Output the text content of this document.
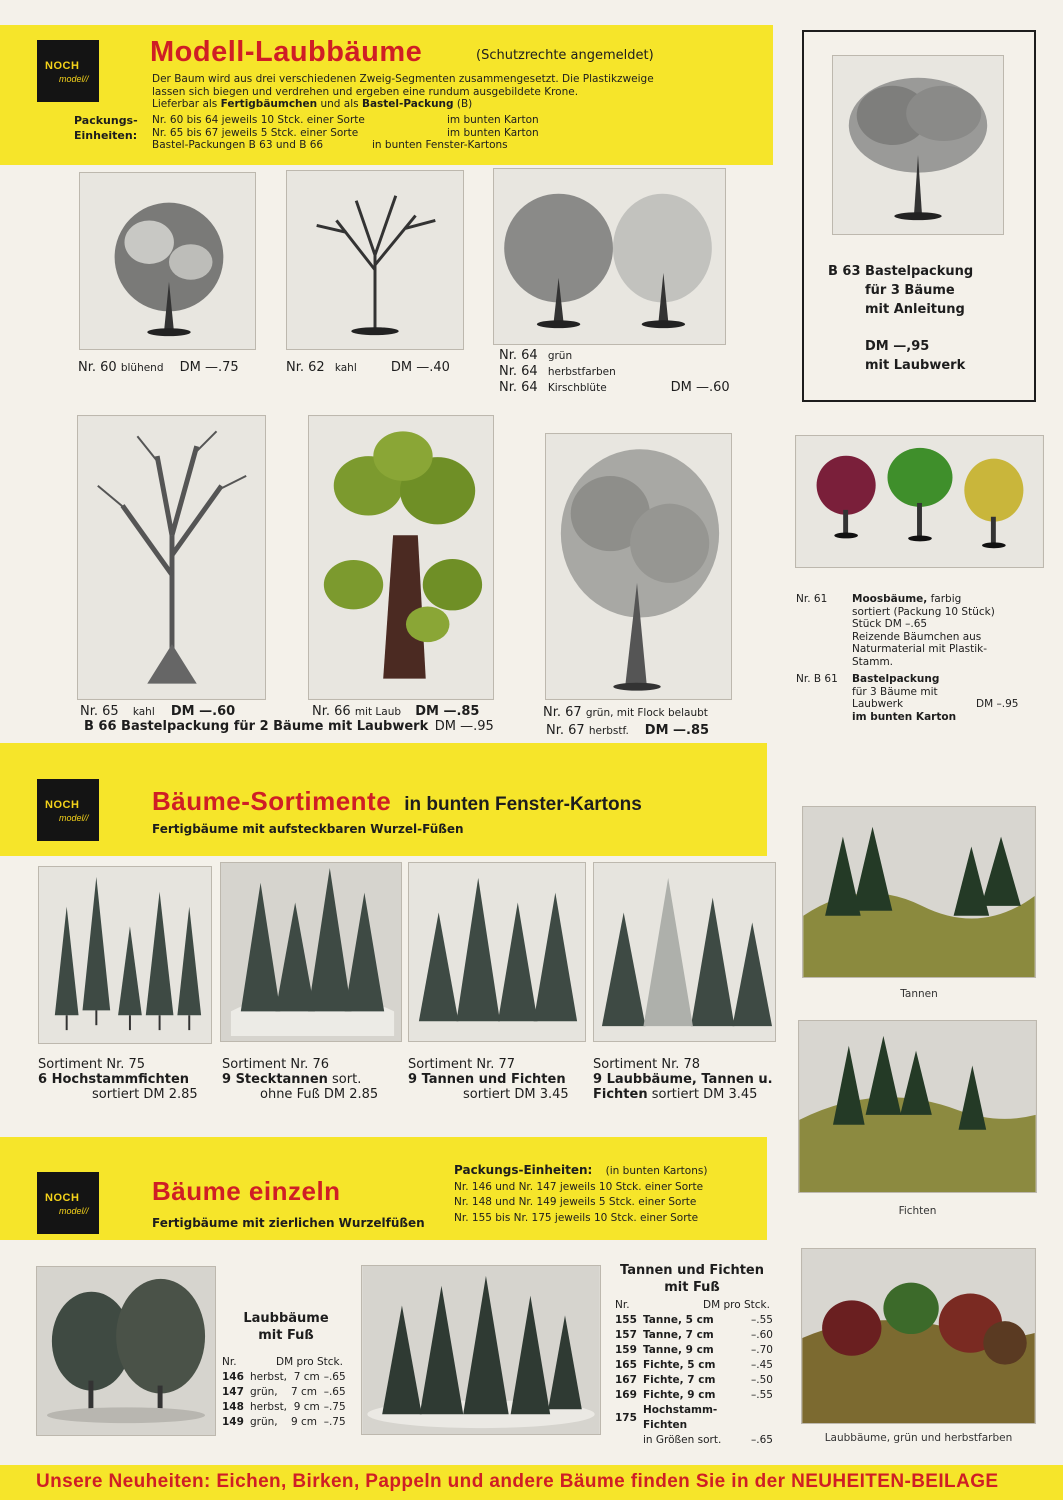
NOCH
model//
Modell-Laubbäume	(Schutzrechte angemeldet)
Der Baum wird aus drei verschiedenen Zweig-Segmenten zusammengesetzt. Die Plastikzweige
lassen sich biegen und verdrehen und ergeben eine rundum ausgebildete Krone.
Lieferbar als Fertigbäumchen und als Bastel-Packung (B)
Packungs-
Einheiten:
Nr. 60 bis 64 jeweils 10 Stck. einer Sorte	im bunten Karton
Nr. 65 bis 67 jeweils 5 Stck. einer Sorte	im bunten Karton
Bastel-Packungen B 63 und B 66	in bunten Fenster-Kartons
B 63 Bastelpackung
für 3 Bäume
mit Anleitung
DM —,95
mit Laubwerk
Nr. 60 blühend DM —.75	Nr. 62 kahl	DM —.40
Nr. 64 grün
Nr. 64 herbstfarben
Nr. 64 Kirschblüte	DM —.60
Nr. 65 kahl DM —.60	Nr. 66 mit Laub DM —.85
B 66 Bastelpackung für 2 Bäume mit Laubwerk DM —.95
Nr. 67 grün, mit Flock belaubt
Nr. 67 herbstf. DM —.85
Nr. 61 Moosbäume, farbig
sortiert (Packung 10 Stück)
Stück DM –.65
Reizende Bäumchen aus
Naturmaterial mit Plastik-
Stamm.
Nr. B 61 Bastelpackung
für 3 Bäume mit
Laubwerk	DM –.95
im bunten Karton
NOCH
model//
Bäume-Sortimente in bunten Fenster-Kartons
Fertigbäume mit aufsteckbaren Wurzel-Füßen
Sortiment Nr. 75
6 Hochstammfichten
sortiert DM 2.85
Sortiment Nr. 76
9 Stecktannen sort.
ohne Fuß DM 2.85
Sortiment Nr. 77
9 Tannen und Fichten
sortiert DM 3.45
Sortiment Nr. 78
9 Laubbäume, Tannen u.
Fichten sortiert DM 3.45
Tannen
Fichten
Laubbäume, grün und herbstfarben
NOCH
model//
Bäume einzeln
Fertigbäume mit zierlichen Wurzelfüßen
Packungs-Einheiten: (in bunten Kartons)
Nr. 146 und Nr. 147 jeweils 10 Stck. einer Sorte
Nr. 148 und Nr. 149 jeweils 5 Stck. einer Sorte
Nr. 155 bis Nr. 175 jeweils 10 Stck. einer Sorte
Laubbäume
mit Fuß
Nr.	DM pro Stck.	
146	herbst,  7 cm	–.65
147	grün,    7 cm	–.65
148	herbst,  9 cm	–.75
149	grün,    9 cm	–.75
Tannen und Fichten
mit Fuß
Nr.	DM pro Stck.	
155	Tanne, 5 cm	–.55
157	Tanne, 7 cm	–.60
159	Tanne, 9 cm	–.70
165	Fichte, 5 cm	–.45
167	Fichte, 7 cm	–.50
169	Fichte, 9 cm	–.55
175	Hochstamm-Fichten	
	in Größen sort.	–.65
Unsere Neuheiten: Eichen, Birken, Pappeln und andere Bäume finden Sie in der NEUHEITEN-BEILAGE
